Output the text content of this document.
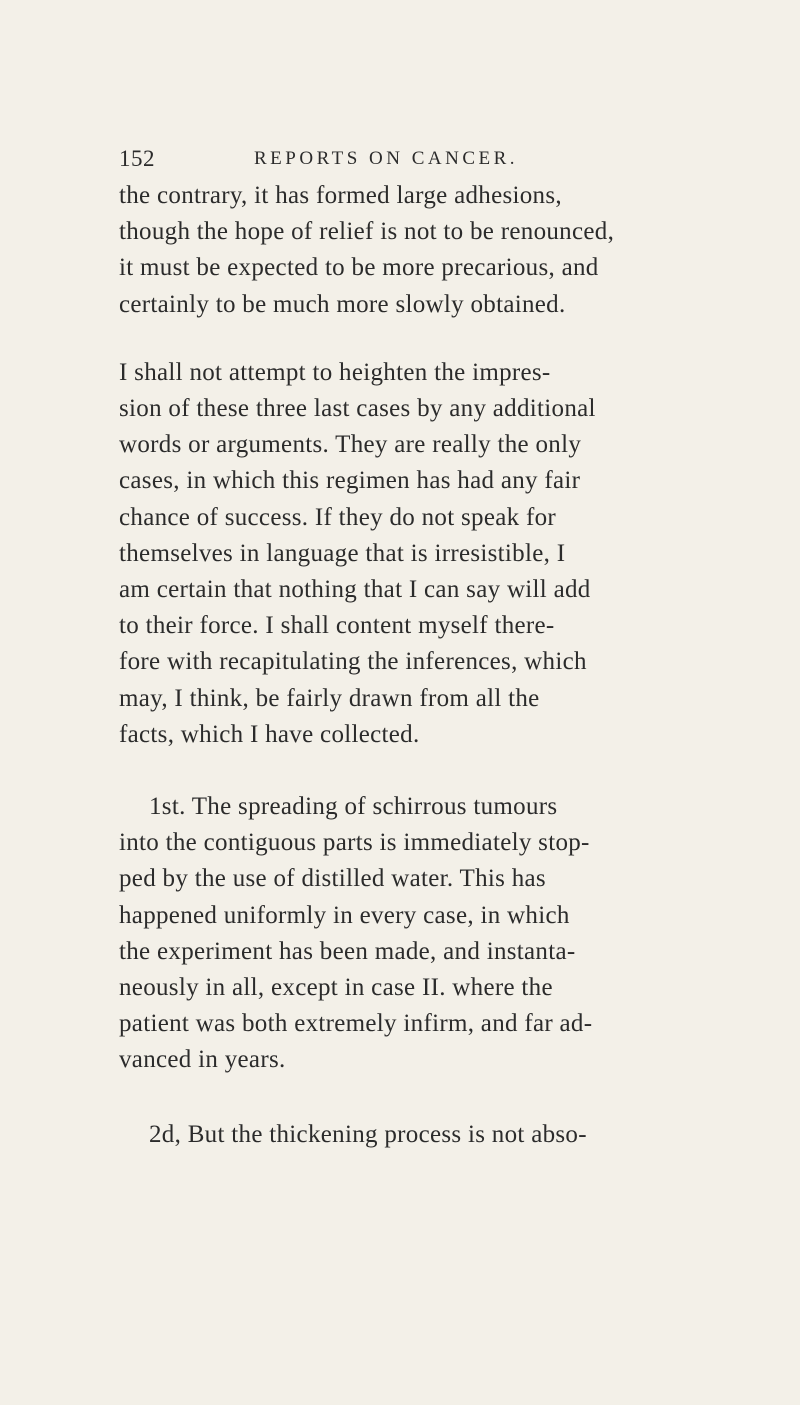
152	REPORTS ON CANCER.

the contrary, it has formed large adhesions,
though the hope of relief is not to be renounced,
it must be expected to be more precarious, and
certainly to be much more slowly obtained.

I shall not attempt to heighten the impres-
sion of these three last cases by any additional
words or arguments. They are really the only
cases, in which this regimen has had any fair
chance of success. If they do not speak for
themselves in language that is irresistible, I
am certain that nothing that I can say will add
to their force. I shall content myself there-
fore with recapitulating the inferences, which
may, I think, be fairly drawn from all the
facts, which I have collected.

1st. The spreading of schirrous tumours
into the contiguous parts is immediately stop-
ped by the use of distilled water. This has
happened uniformly in every case, in which
the experiment has been made, and instanta-
neously in all, except in case II. where the
patient was both extremely infirm, and far ad-
vanced in years.

2d, But the thickening process is not abso-
